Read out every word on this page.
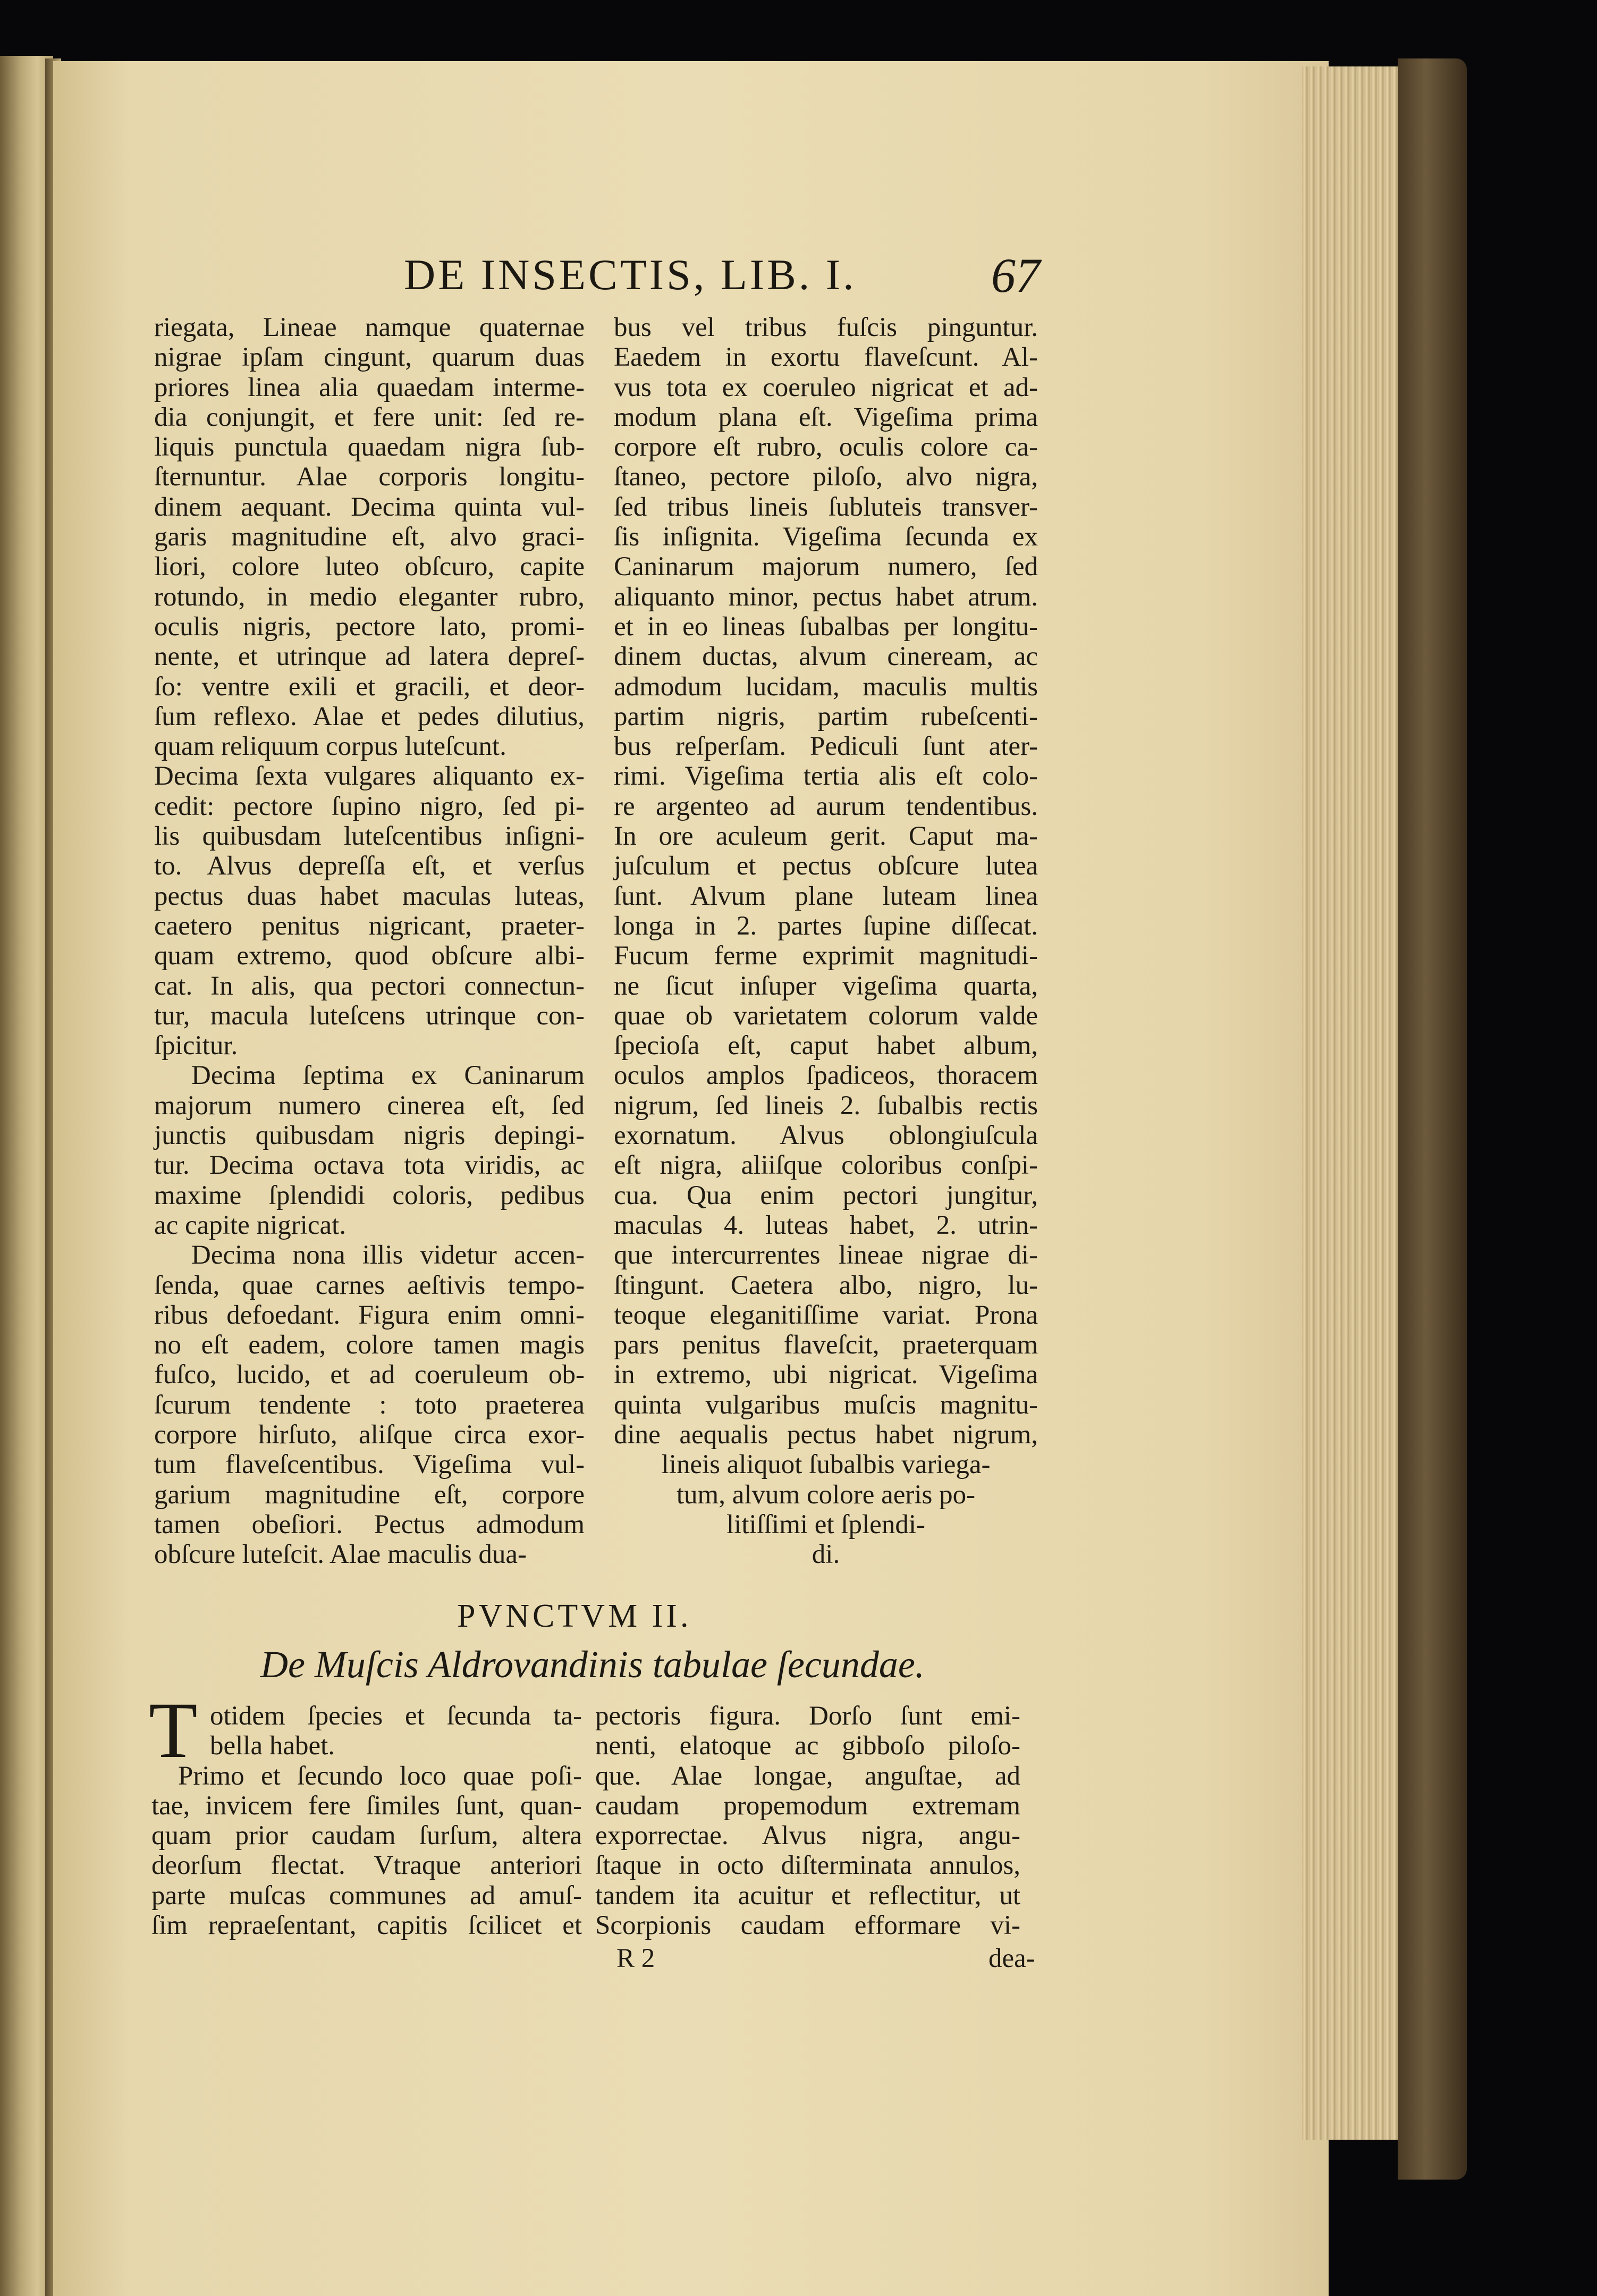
DE INSECTIS, LIB. I.	67
riegata, Lineae namque quaternae
nigrae ipſam cingunt, quarum duas
priores linea alia quaedam interme-
dia conjungit, et fere unit: ſed re-
liquis punctula quaedam nigra ſub-
ſternuntur. Alae corporis longitu-
dinem aequant. Decima quinta vul-
garis magnitudine eſt, alvo graci-
liori, colore luteo obſcuro, capite
rotundo, in medio eleganter rubro,
oculis nigris, pectore lato, promi-
nente, et utrinque ad latera depreſ-
ſo: ventre exili et gracili, et deor-
ſum reflexo. Alae et pedes dilutius,
quam reliquum corpus luteſcunt.
Decima ſexta vulgares aliquanto ex-
cedit: pectore ſupino nigro, ſed pi-
lis quibusdam luteſcentibus inſigni-
to. Alvus depreſſa eſt, et verſus
pectus duas habet maculas luteas,
caetero penitus nigricant, praeter-
quam extremo, quod obſcure albi-
cat. In alis, qua pectori connectun-
tur, macula luteſcens utrinque con-
ſpicitur.
Decima ſeptima ex Caninarum
majorum numero cinerea eſt, ſed
junctis quibusdam nigris depingi-
tur. Decima octava tota viridis, ac
maxime ſplendidi coloris, pedibus
ac capite nigricat.
Decima nona illis videtur accen-
ſenda, quae carnes aeſtivis tempo-
ribus defoedant. Figura enim omni-
no eſt eadem, colore tamen magis
fuſco, lucido, et ad coeruleum ob-
ſcurum tendente : toto praeterea
corpore hirſuto, aliſque circa exor-
tum flaveſcentibus. Vigeſima vul-
garium magnitudine eſt, corpore
tamen obeſiori. Pectus admodum
obſcure luteſcit. Alae maculis dua-
bus vel tribus fuſcis pinguntur.
Eaedem in exortu flaveſcunt. Al-
vus tota ex coeruleo nigricat et ad-
modum plana eſt. Vigeſima prima
corpore eſt rubro, oculis colore ca-
ſtaneo, pectore piloſo, alvo nigra,
ſed tribus lineis ſubluteis transver-
ſis inſignita. Vigeſima ſecunda ex
Caninarum majorum numero, ſed
aliquanto minor, pectus habet atrum.
et in eo lineas ſubalbas per longitu-
dinem ductas, alvum cineream, ac
admodum lucidam, maculis multis
partim nigris, partim rubeſcenti-
bus reſperſam. Pediculi ſunt ater-
rimi. Vigeſima tertia alis eſt colo-
re argenteo ad aurum tendentibus.
In ore aculeum gerit. Caput ma-
juſculum et pectus obſcure lutea
ſunt. Alvum plane luteam linea
longa in 2. partes ſupine diſſecat.
Fucum ferme exprimit magnitudi-
ne ſicut inſuper vigeſima quarta,
quae ob varietatem colorum valde
ſpecioſa eſt, caput habet album,
oculos amplos ſpadiceos, thoracem
nigrum, ſed lineis 2. ſubalbis rectis
exornatum. Alvus oblongiuſcula
eſt nigra, aliiſque coloribus conſpi-
cua. Qua enim pectori jungitur,
maculas 4. luteas habet, 2. utrin-
que intercurrentes lineae nigrae di-
ſtingunt. Caetera albo, nigro, lu-
teoque eleganitiſſime variat. Prona
pars penitus flaveſcit, praeterquam
in extremo, ubi nigricat. Vigeſima
quinta vulgaribus muſcis magnitu-
dine aequalis pectus habet nigrum,
lineis aliquot ſubalbis variega-
tum, alvum colore aeris po-
litiſſimi et ſplendi-
di.
PVNCTVM II.
De Muſcis Aldrovandinis tabulae ſecundae.
T otidem ſpecies et ſecunda ta-
bella habet.
Primo et ſecundo loco quae poſi-
tae, invicem fere ſimiles ſunt, quan-
quam prior caudam ſurſum, altera
deorſum flectat. Vtraque anteriori
parte muſcas communes ad amuſ-
ſim repraeſentant, capitis ſcilicet et
pectoris figura. Dorſo ſunt emi-
nenti, elatoque ac gibboſo piloſo-
que. Alae longae, anguſtae, ad
caudam propemodum extremam
exporrectae. Alvus nigra, angu-
ſtaque in octo diſterminata annulos,
tandem ita acuitur et reflectitur, ut
Scorpionis caudam efformare vi-
R 2	dea-
